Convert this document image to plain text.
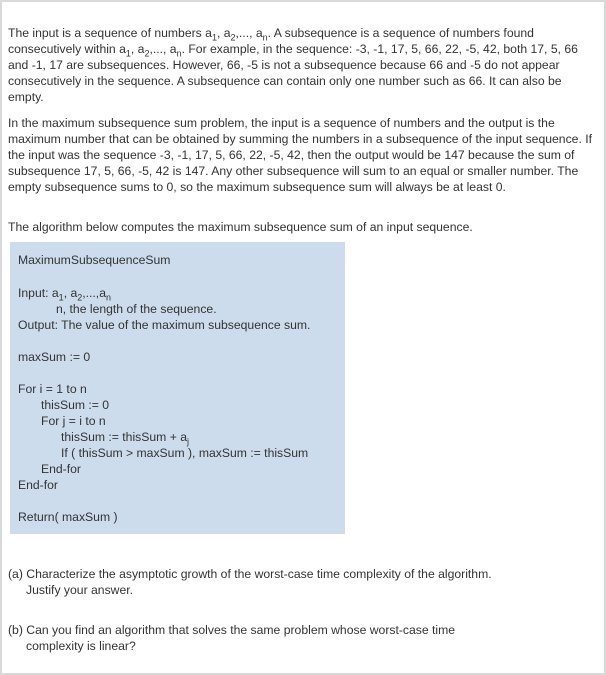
The input is a sequence of numbers $a_1$, $a_2$,..., $a_n$. A subsequence is a sequence of numbers found consecutively within $a_1$, $a_2$,..., $a_n$. For example, in the sequence: -3, -1, 17, 5, 66, 22, -5, 42, both 17, 5, 66 and -1, 17 are subsequences. However, 66, -5 is not a subsequence because 66 and -5 do not appear consecutively in the sequence. A subsequence can contain only one number such as 66. It can also be empty.

In the maximum subsequence sum problem, the input is a sequence of numbers and the output is the maximum number that can be obtained by summing the numbers in a subsequence of the input sequence. If the input was the sequence -3, -1, 17, 5, 66, 22, -5, 42, then the output would be 147 because the sum of subsequence 17, 5, 66, -5, 42 is 147. Any other subsequence will sum to an equal or smaller number. The empty subsequence sums to 0, so the maximum subsequence sum will always be at least 0.

The algorithm below computes the maximum subsequence sum of an input sequence.

MaximumSubsequenceSum
Input: $a_1$, $a_2,...,a_n$
n, the length of the sequence.
Output: The value of the maximum subsequence sum.
maxSum := 0
For i = 1 to n
thisSum := 0
For j = i to n
thisSum := thisSum + $a_j$
If ( thisSum > maxSum ), maxSum := thisSum
End-for
End-for
Return( maxSum )

(a) Characterize the asymptotic growth of the worst-case time complexity of the algorithm.
Justify your answer.

(b) Can you find an algorithm that solves the same problem whose worst-case time
complexity is linear?
